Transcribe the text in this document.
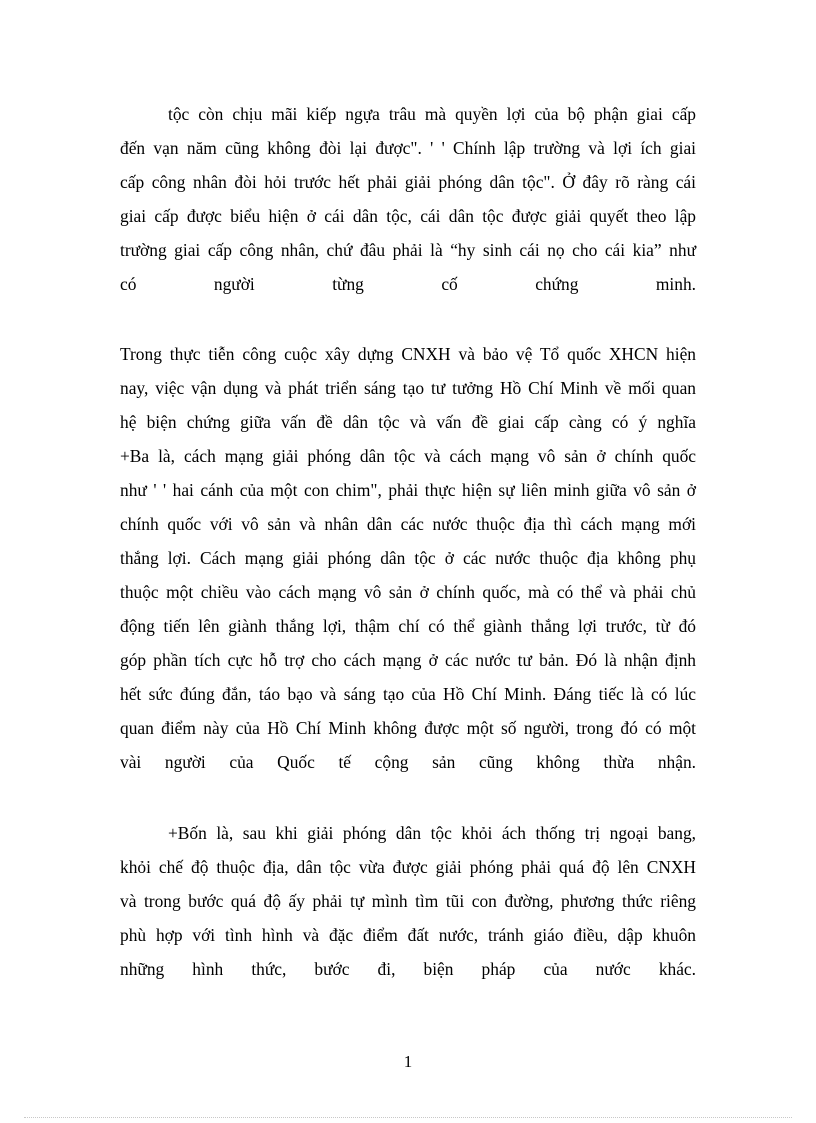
tộc còn chịu mãi kiếp ngựa trâu mà quyền lợi của bộ phận giai cấp
đến vạn năm cũng không đòi lại được". ' ' Chính lập trường và lợi ích giai
cấp công nhân đòi hỏi trước hết phải giải phóng dân tộc". Ở đây rõ ràng cái
giai cấp được biểu hiện ở cái dân tộc, cái dân tộc được giải quyết theo lập
trường giai cấp công nhân, chứ đâu phải là “hy sinh cái nọ cho cái kia” như
có người từng cố chứng minh.
Trong thực tiễn công cuộc xây dựng CNXH và bảo vệ Tổ quốc XHCN hiện
nay, việc vận dụng và phát triển sáng tạo tư tưởng Hồ Chí Minh về mối quan
hệ biện chứng giữa vấn đề dân tộc và vấn đề giai cấp càng có ý nghĩa
+Ba là, cách mạng giải phóng dân tộc và cách mạng vô sản ở chính quốc
như ' ' hai cánh của một con chim", phải thực hiện sự liên minh giữa vô sản ở
chính quốc với vô sản và nhân dân các nước thuộc địa thì cách mạng mới
thắng lợi. Cách mạng giải phóng dân tộc ở các nước thuộc địa không phụ
thuộc một chiều vào cách mạng vô sản ở chính quốc, mà có thể và phải chủ
động tiến lên giành thắng lợi, thậm chí có thể giành thắng lợi trước, từ đó
góp phần tích cực hỗ trợ cho cách mạng ở các nước tư bản. Đó là nhận định
hết sức đúng đắn, táo bạo và sáng tạo của Hồ Chí Minh. Đáng tiếc là có lúc
quan điểm này của Hồ Chí Minh không được một số người, trong đó có một
vài người của Quốc tế cộng sản cũng không thừa nhận.
+Bốn là, sau khi giải phóng dân tộc khỏi ách thống trị ngoại bang,
khỏi chế độ thuộc địa, dân tộc vừa được giải phóng phải quá độ lên CNXH
và trong bước quá độ ấy phải tự mình tìm tũi con đường, phương thức riêng
phù hợp với tình hình và đặc điểm đất nước, tránh giáo điều, dập khuôn
những hình thức, bước đi, biện pháp của nước khác.
1
